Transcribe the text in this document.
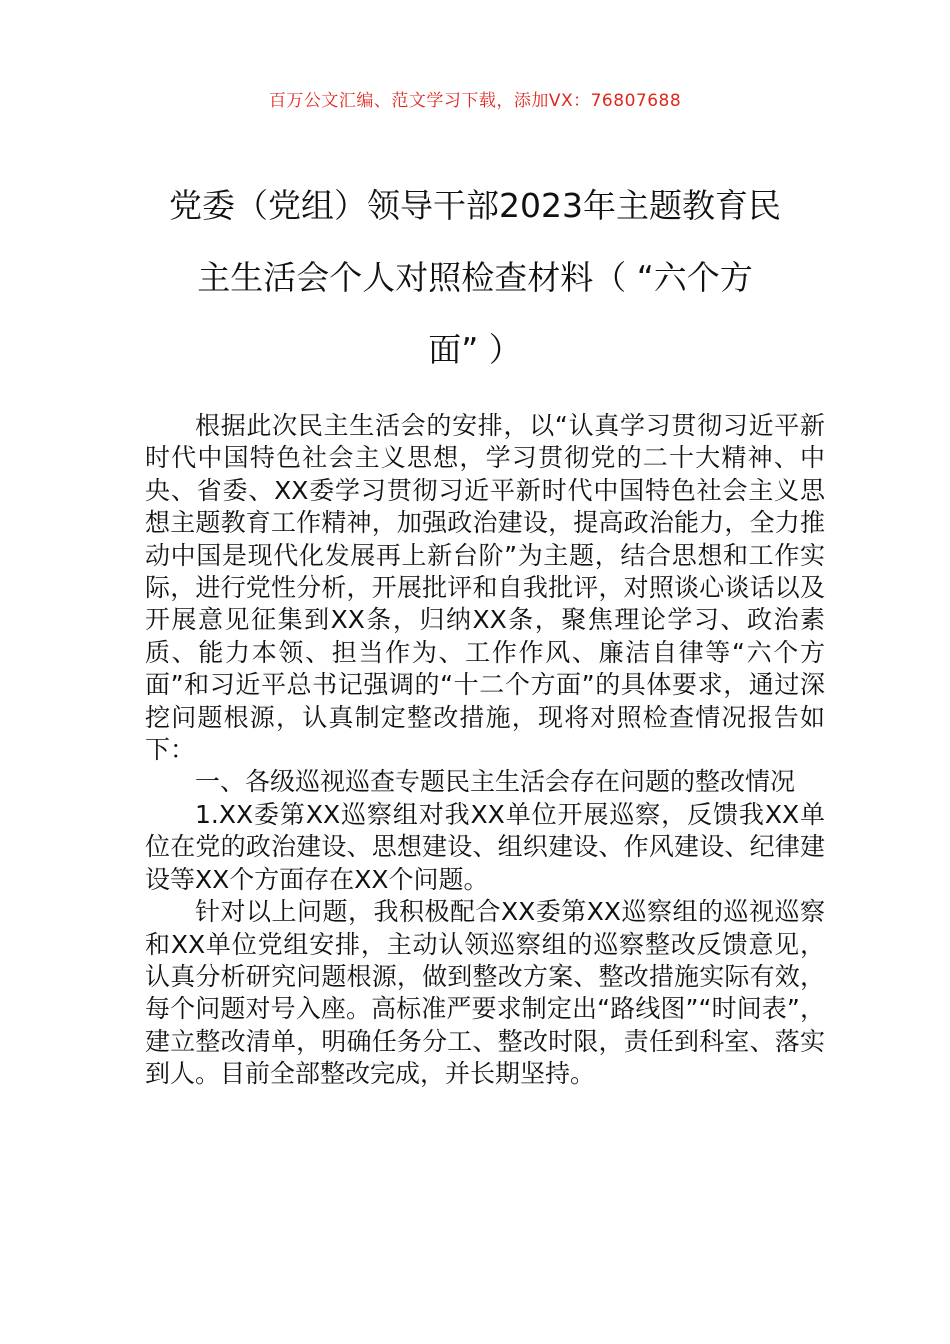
百万公文汇编、范文学习下载，添加VX：76807688
党委（党组）领导干部2023年主题教育民
主生活会个人对照检查材料（ “六个方
面” ）

根据此次民主生活会的安排，以“认真学习贯彻习近平新时代中国特色社会主义思想，学习贯彻党的二十大精神、中央、省委、XX委学习贯彻习近平新时代中国特色社会主义思想主题教育工作精神，加强政治建设，提高政治能力，全力推动中国是现代化发展再上新台阶”为主题，结合思想和工作实际，进行党性分析，开展批评和自我批评，对照谈心谈话以及开展意见征集到XX条，归纳XX条，聚焦理论学习、政治素质、能力本领、担当作为、工作作风、廉洁自律等“六个方面”和习近平总书记强调的“十二个方面”的具体要求，通过深挖问题根源，认真制定整改措施，现将对照检查情况报告如下：

一、各级巡视巡查专题民主生活会存在问题的整改情况

1.XX委第XX巡察组对我XX单位开展巡察，反馈我XX单位在党的政治建设、思想建设、组织建设、作风建设、纪律建设等XX个方面存在XX个问题。

针对以上问题，我积极配合XX委第XX巡察组的巡视巡察和XX单位党组安排，主动认领巡察组的巡察整改反馈意见，认真分析研究问题根源，做到整改方案、整改措施实际有效，每个问题对号入座。高标准严要求制定出“路线图”“时间表”，建立整改清单，明确任务分工、整改时限，责任到科室、落实到人。目前全部整改完成，并长期坚持。
